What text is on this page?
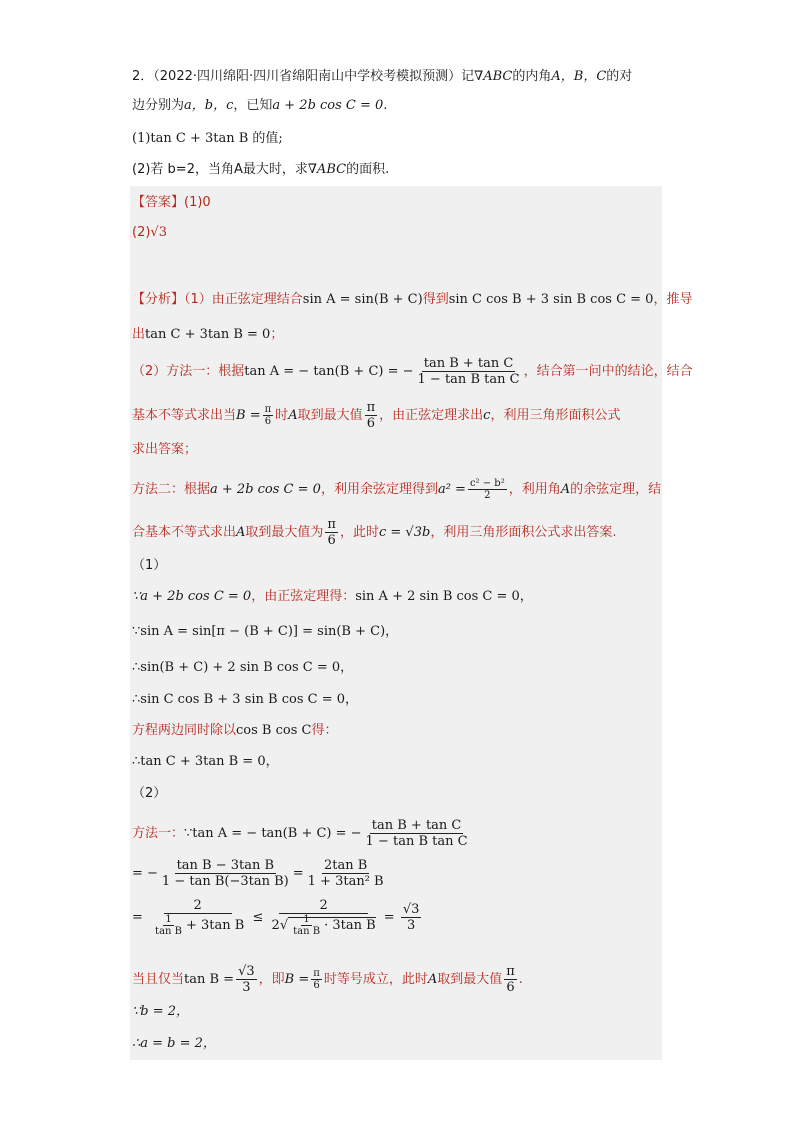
2．（2022·四川绵阳·四川省绵阳南山中学校考模拟预测）记∇ABC的内角A，B，C的对
边分别为a，b，c，已知a + 2b cos C = 0.
(1)tan C + 3tan B 的值;
(2)若 b=2，当角A最大时，求∇ABC的面积.
【答案】(1)0
(2)√3
【分析】（1）由正弦定理结合sin A = sin(B + C)得到sin C cos B + 3 sin B cos C = 0，推导
出tan C + 3tan B = 0；
（2）方法一：根据tan A = − tan(B + C) = − $\frac{\text{tan B + tan C}}{\text{1 − tan B tan C}}$ ，结合第一问中的结论，结合
基本不等式求出当$B = \frac{\pi}{6}$ 时A取到最大值 $\frac{\pi}{6}$ ，由正弦定理求出c，利用三角形面积公式
求出答案；
方法二：根据a + 2b cos C = 0，利用余弦定理得到$a^2 = \frac{\text{c² − b²}}{2}$ ，利用角A的余弦定理，结
合基本不等式求出A取到最大值为 $\frac{\pi}{6}$ ，此时c = √3b，利用三角形面积公式求出答案.
（1）
∵a + 2b cos C = 0，由正弦定理得：sin A + 2 sin B cos C = 0，
∵sin A = sin[π − (B + C)] = sin(B + C)，
∴sin(B + C) + 2 sin B cos C = 0，
∴sin C cos B + 3 sin B cos C = 0，
方程两边同时除以cos B cos C得：
∴tan C + 3tan B = 0，
（2）
方法一：∵tan A = − tan(B + C) = − $\frac{\text{tan B + tan C}}{\text{1 − tan B tan C}}$
= − $\frac{\text{tan B − 3tan B}}{\text{1 − tan B(−3tan B)}} = \frac{\text{2tan B}}{\text{1 + 3tan² B}}$
= $\frac{2}{\frac{1}{\text{tan B}} + 3\tan B} \le \frac{2}{2√ \frac{1}{\text{tan B}} \cdot 3\tan B} = \frac{√3}{3}$
当且仅当$\tan B = \frac{√3}{3}$ ，即$B = \frac{\pi}{6}$ 时等号成立，此时A取到最大值 $\frac{\pi}{6}$ .
∵b = 2，
∴a = b = 2，
